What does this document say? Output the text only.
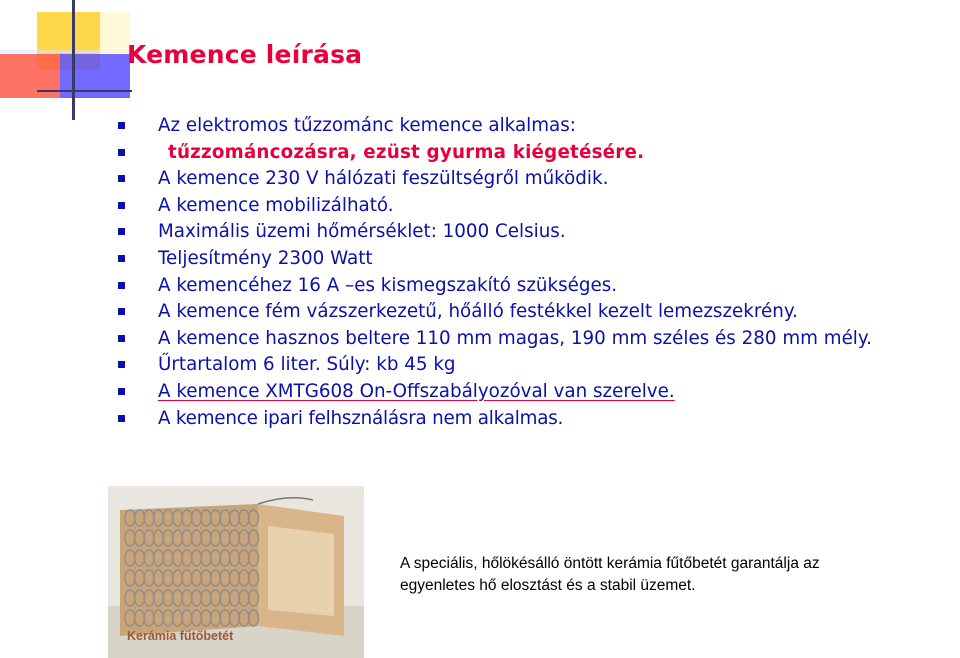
Kemence leírása
Az elektromos tűzzománc kemence alkalmas:
tűzzománcozásra, ezüst gyurma kiégetésére.
A kemence 230 V hálózati feszültségről működik.
A kemence mobilizálható.
Maximális üzemi hőmérséklet: 1000 Celsius.
Teljesítmény 2300 Watt
A kemencéhez 16 A –es kismegszakító szükséges.
A kemence fém vázszerkezetű, hőálló festékkel kezelt lemezszekrény.
A kemence hasznos beltere 110 mm magas, 190 mm széles és 280 mm mély.
Űrtartalom 6 liter. Súly: kb 45 kg
A kemence XMTG608 On-Offszabályozóval van szerelve.
A kemence ipari felhsználásra nem alkalmas.
Kerámia fűtőbetét
A speciális, hőlökésálló öntött kerámia fűtőbetét garantálja az egyenletes hő elosztást és a stabil üzemet.
